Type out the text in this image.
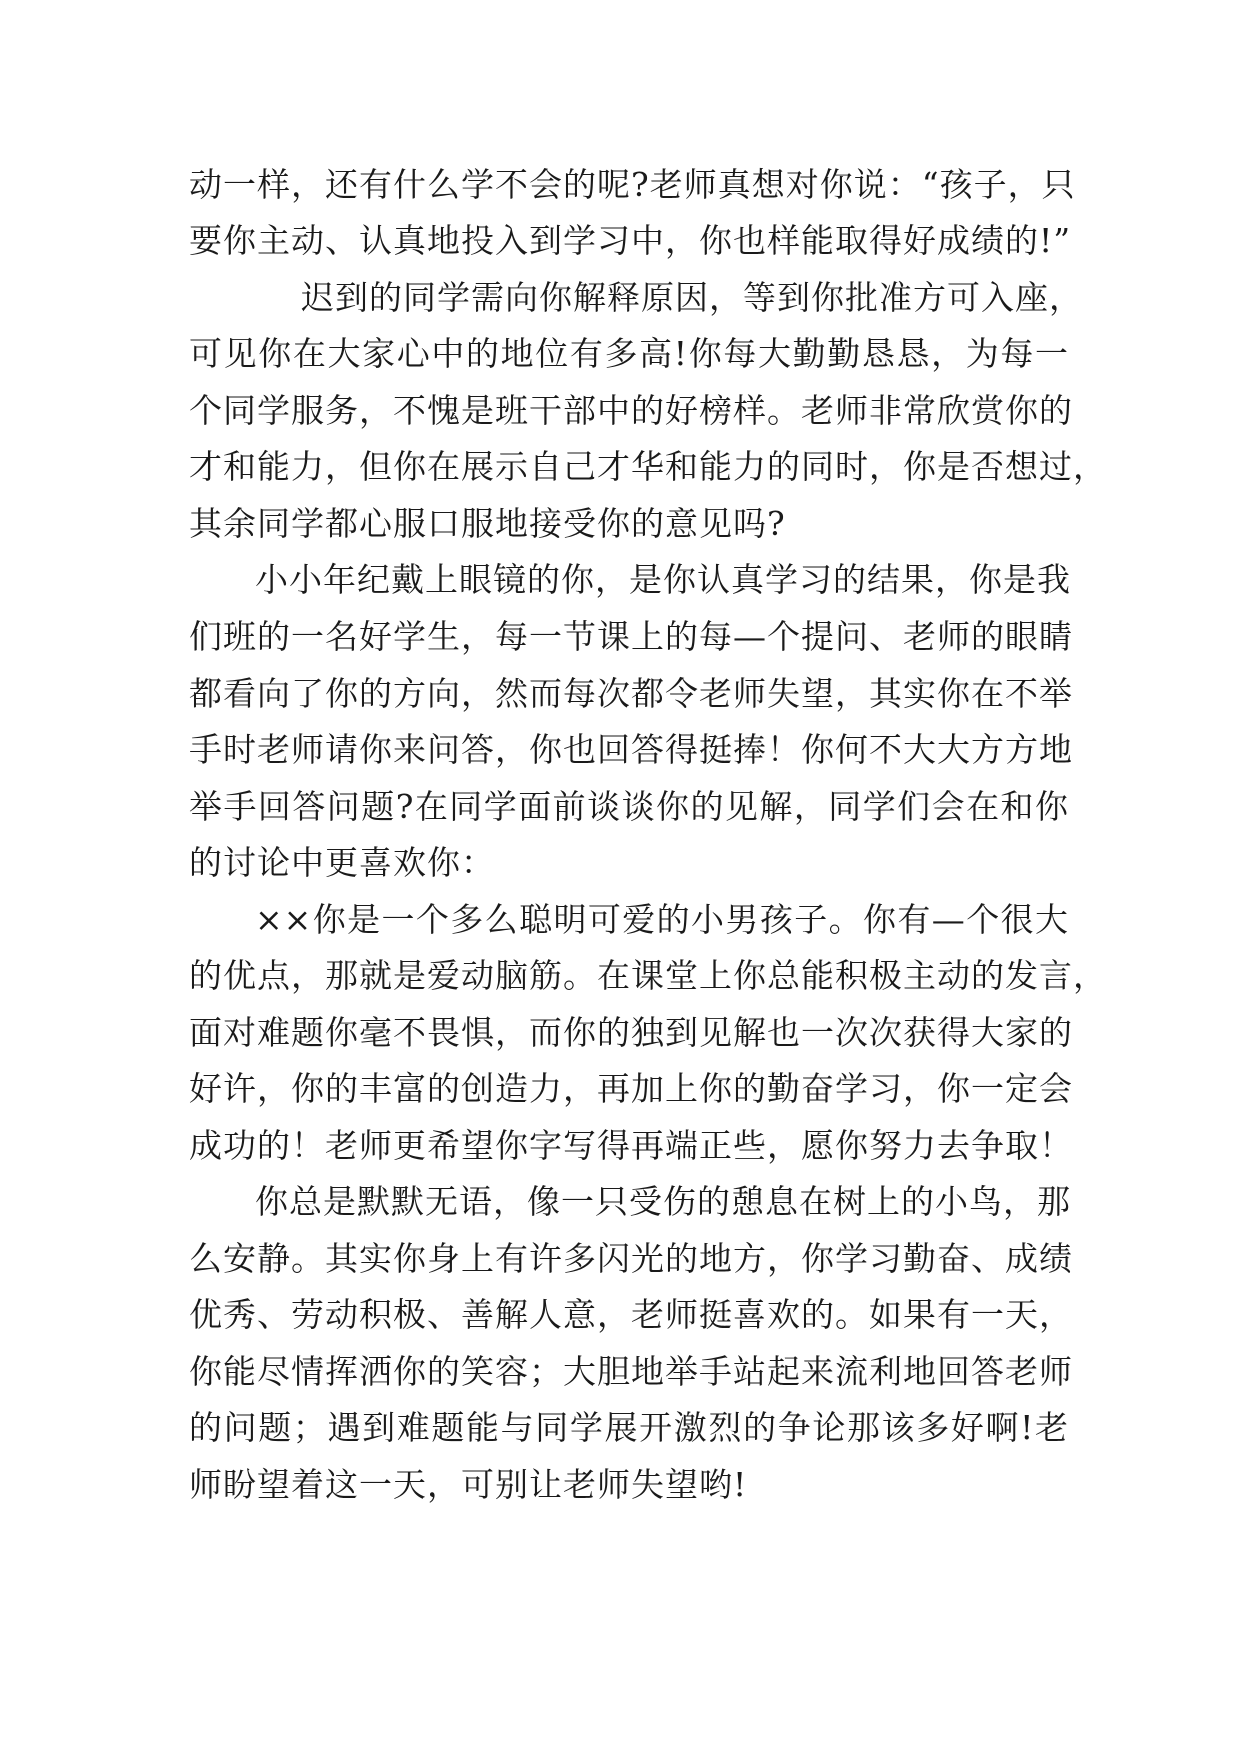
动一样，还有什么学不会的呢?老师真想对你说：“孩子，只
要你主动、认真地投入到学习中，你也样能取得好成绩的!”
迟到的同学需向你解释原因，等到你批准方可入座，
可见你在大家心中的地位有多高!你每大勤勤恳恳，为每一
个同学服务，不愧是班干部中的好榜样。老师非常欣赏你的
才和能力，但你在展示自己才华和能力的同时，你是否想过，
其余同学都心服口服地接受你的意见吗?
小小年纪戴上眼镜的你，是你认真学习的结果，你是我
们班的一名好学生，每一节课上的每—个提问、老师的眼睛
都看向了你的方向，然而每次都令老师失望，其实你在不举
手时老师请你来问答，你也回答得挺捧！你何不大大方方地
举手回答问题?在同学面前谈谈你的见解，同学们会在和你
的讨论中更喜欢你：
××你是一个多么聪明可爱的小男孩子。你有—个很大
的优点，那就是爱动脑筋。在课堂上你总能积极主动的发言，
面对难题你毫不畏惧，而你的独到见解也一次次获得大家的
好许，你的丰富的创造力，再加上你的勤奋学习，你一定会
成功的！老师更希望你字写得再端正些，愿你努力去争取！
你总是默默无语，像一只受伤的憩息在树上的小鸟，那
么安静。其实你身上有许多闪光的地方，你学习勤奋、成绩
优秀、劳动积极、善解人意，老师挺喜欢的。如果有一天，
你能尽情挥洒你的笑容；大胆地举手站起来流利地回答老师
的问题；遇到难题能与同学展开激烈的争论那该多好啊!老
师盼望着这一天，可别让老师失望哟!
